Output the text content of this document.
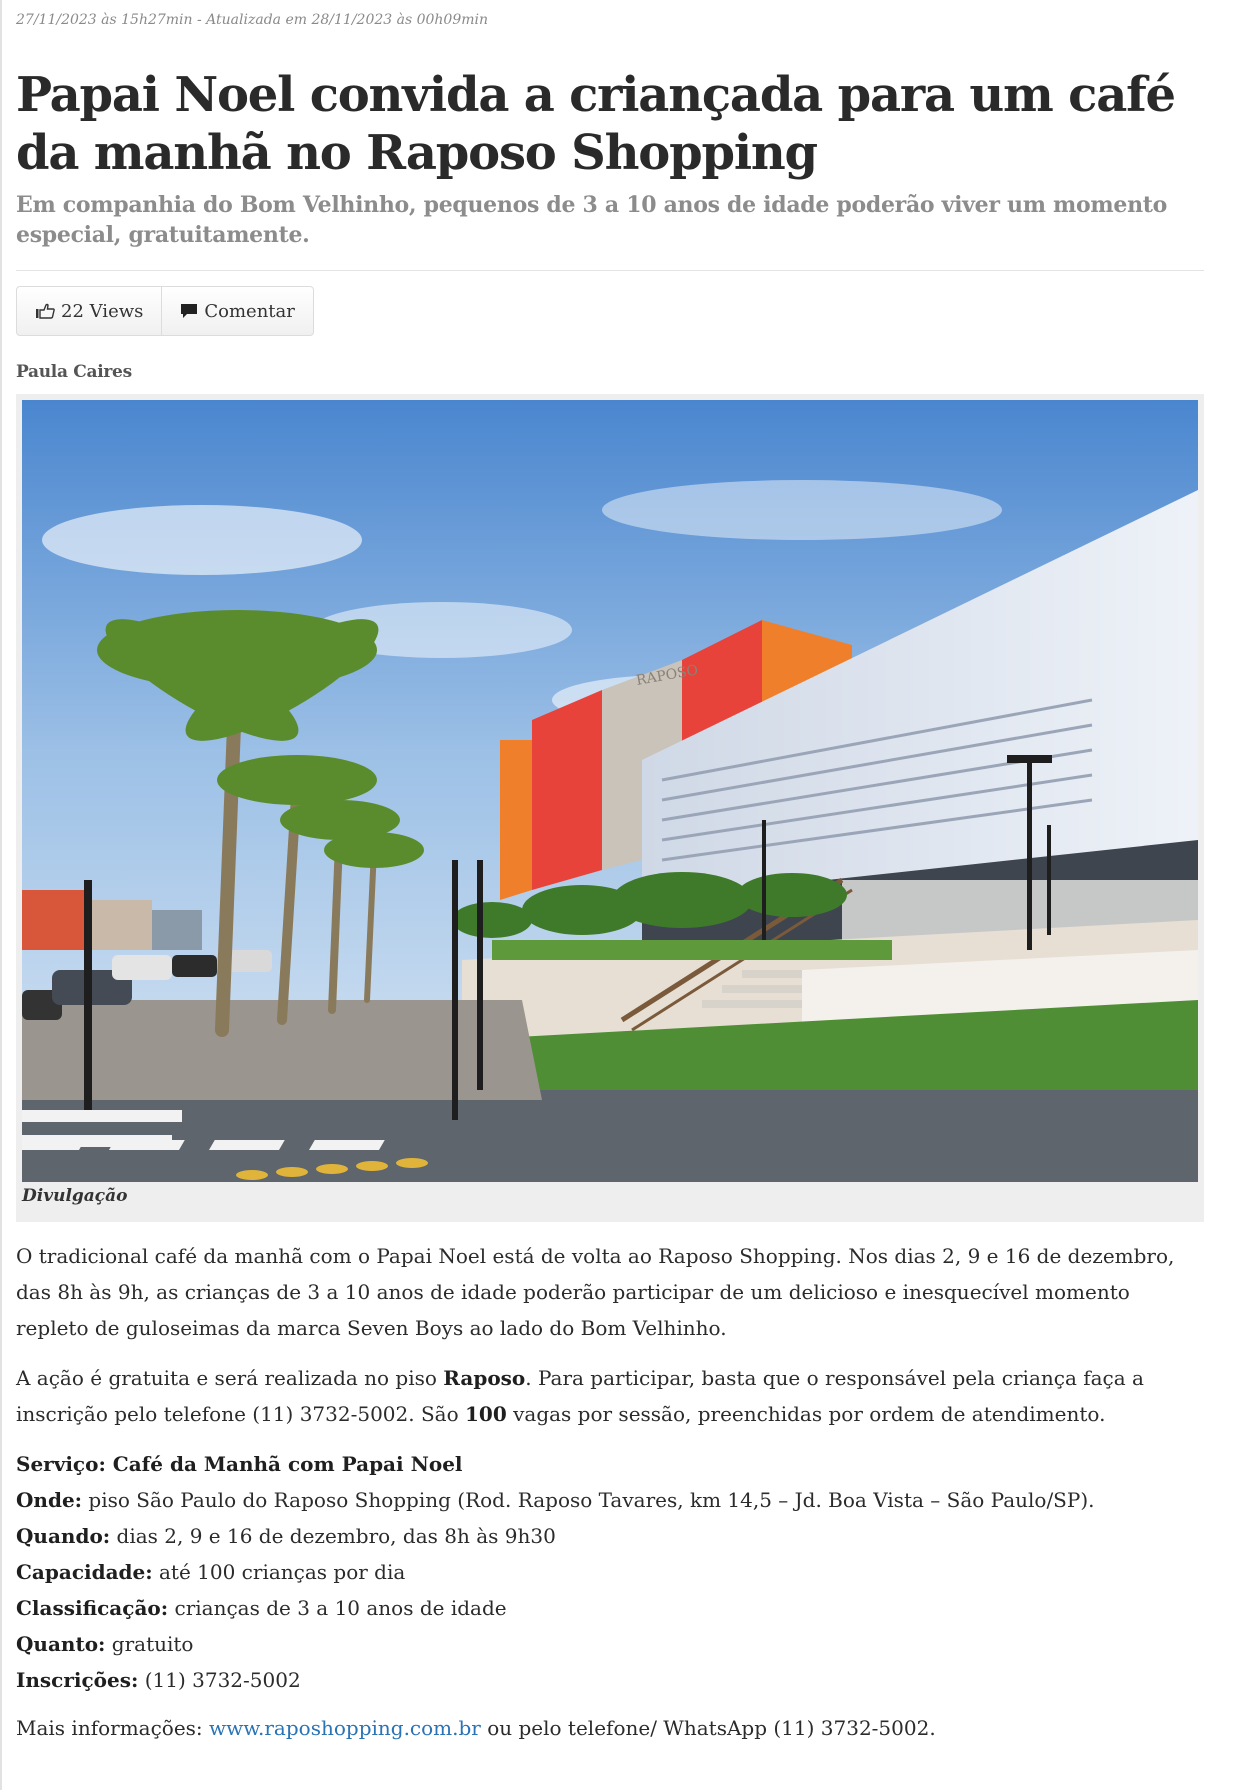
27/11/2023 às 15h27min - Atualizada em 28/11/2023 às 00h09min
Papai Noel convida a criançada para um café da manhã no Raposo Shopping
Em companhia do Bom Velhinho, pequenos de 3 a 10 anos de idade poderão viver um momento especial, gratuitamente.
22 Views	Comentar
Paula Caires
RAPOSO
Divulgação

O tradicional café da manhã com o Papai Noel está de volta ao Raposo Shopping. Nos dias 2, 9 e 16 de dezembro, das 8h às 9h, as crianças de 3 a 10 anos de idade poderão participar de um delicioso e inesquecível momento repleto de guloseimas da marca Seven Boys ao lado do Bom Velhinho.

A ação é gratuita e será realizada no piso Raposo. Para participar, basta que o responsável pela criança faça a inscrição pelo telefone (11) 3732-5002. São 100 vagas por sessão, preenchidas por ordem de atendimento.

Serviço: Café da Manhã com Papai Noel
Onde: piso São Paulo do Raposo Shopping (Rod. Raposo Tavares, km 14,5 – Jd. Boa Vista – São Paulo/SP).
Quando: dias 2, 9 e 16 de dezembro, das 8h às 9h30
Capacidade: até 100 crianças por dia
Classificação: crianças de 3 a 10 anos de idade
Quanto: gratuito
Inscrições: (11) 3732-5002

Mais informações: www.raposhopping.com.br ou pelo telefone/ WhatsApp (11) 3732-5002.
